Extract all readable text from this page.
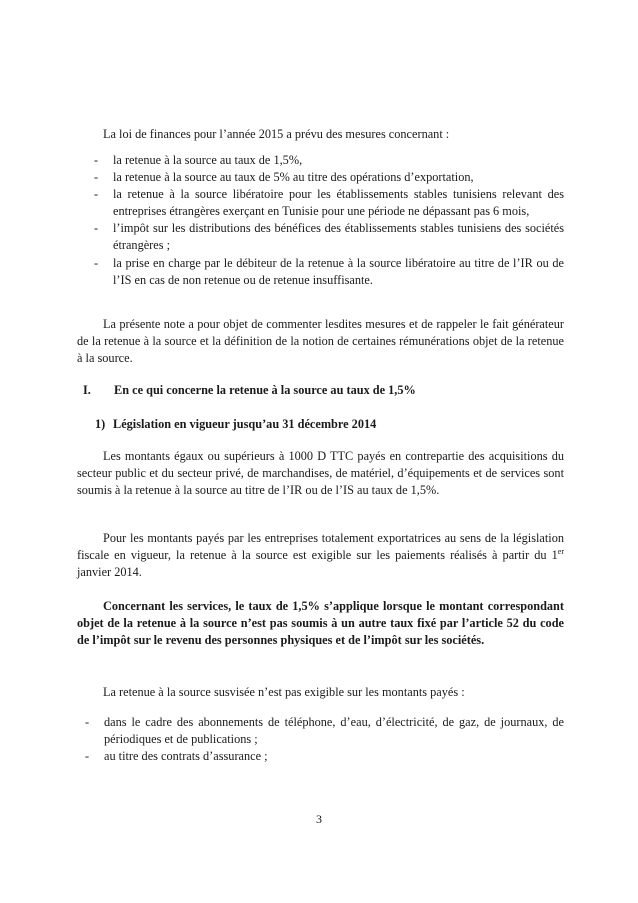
La loi de finances pour l’année 2015 a prévu des mesures concernant :

- la retenue à la source au taux de 1,5%,
- la retenue à la source au taux de 5% au titre des opérations d’exportation,
- la retenue à la source libératoire pour les établissements stables tunisiens relevant des entreprises étrangères exerçant en Tunisie pour une période ne dépassant pas 6 mois,
- l’impôt sur les distributions des bénéfices des établissements stables tunisiens des sociétés étrangères ;
- la prise en charge par le débiteur de la retenue à la source libératoire au titre de l’IR ou de l’IS en cas de non retenue ou de retenue insuffisante.

La présente note a pour objet de commenter lesdites mesures et de rappeler le fait générateur de la retenue à la source et la définition de la notion de certaines rémunérations objet de la retenue à la source.

I. En ce qui concerne la retenue à la source au taux de 1,5%
1) Législation en vigueur jusqu’au 31 décembre 2014

Les montants égaux ou supérieurs à 1000 D TTC payés en contrepartie des acquisitions du secteur public et du secteur privé, de marchandises, de matériel, d’équipements et de services sont soumis à la retenue à la source au titre de l’IR ou de l’IS au taux de 1,5%.

Pour les montants payés par les entreprises totalement exportatrices au sens de la législation fiscale en vigueur, la retenue à la source est exigible sur les paiements réalisés à partir du 1er janvier 2014.

Concernant les services, le taux de 1,5% s’applique lorsque le montant correspondant objet de la retenue à la source n’est pas soumis à un autre taux fixé par l’article 52 du code de l’impôt sur le revenu des personnes physiques et de l’impôt sur les sociétés.

La retenue à la source susvisée n’est pas exigible sur les montants payés :

- dans le cadre des abonnements de téléphone, d’eau, d’électricité, de gaz, de journaux, de périodiques et de publications ;
- au titre des contrats d’assurance ;
3
